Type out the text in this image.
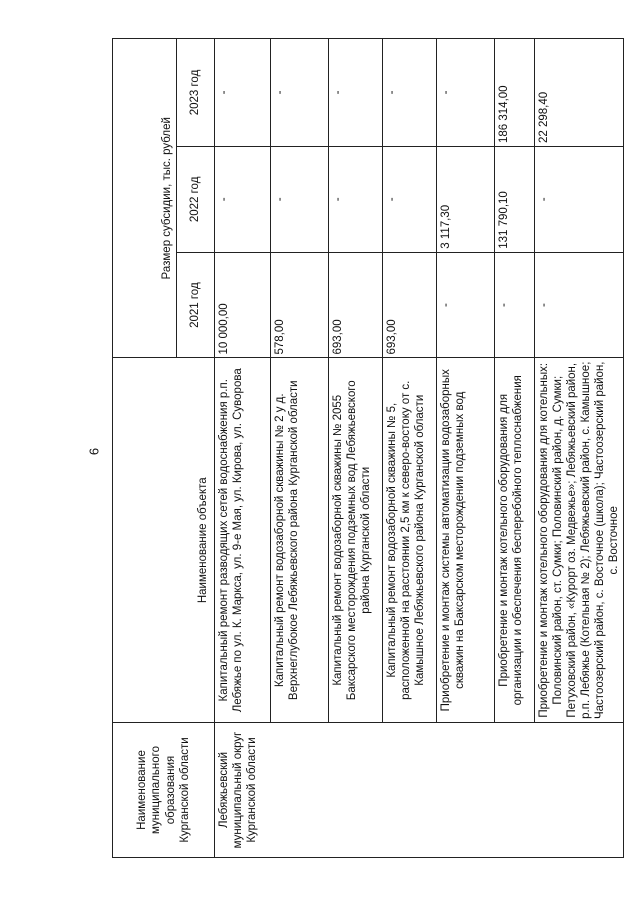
6
Наименование муниципального образования Курганской области	Наименование объекта	Размер субсидии, тыс. рублей		
		2021 год	2022 год	2023 год
Лебяжьевский муниципальный округ Курганской области	Капитальный ремонт разводящих сетей водоснабжения р.п. Лебяжье по ул. К. Маркса, ул. 9-е Мая, ул. Кирова, ул. Суворова	10 000,00	-	-
	Капитальный ремонт водозаборной скважины № 2 у д. Верхнеглубокое Лебяжьевского района Курганской области	578,00	-	-
	Капитальный ремонт водозаборной скважины № 2055 Баксарского месторождения подземных вод Лебяжьевского района Курганской области	693,00	-	-
	Капитальный ремонт водозаборной скважины № 5, расположенной на расстоянии 2,5 км к северо-востоку от с. Камышное Лебяжьевского района Курганской области	693,00	-	-
	Приобретение и монтаж системы автоматизации водозаборных скважин на Баксарском месторождении подземных вод	-	3 117,30	-
	Приобретение и монтаж котельного оборудования для организации и обеспечения бесперебойного теплоснабжения	-	131 790,10	186 314,00
	Приобретение и монтаж котельного оборудования для котельных: Половинский район, ст. Сумки; Половинский район, д. Сумки; Петуховский район, «Курорт оз. Медвежье»; Лебяжьевский район, р.п. Лебяжье (Котельная № 2); Лебяжьевский район, с. Камышное; Частоозерский район, с. Восточное (школа); Частоозерский район, с. Восточное	-	-	22 298,40
